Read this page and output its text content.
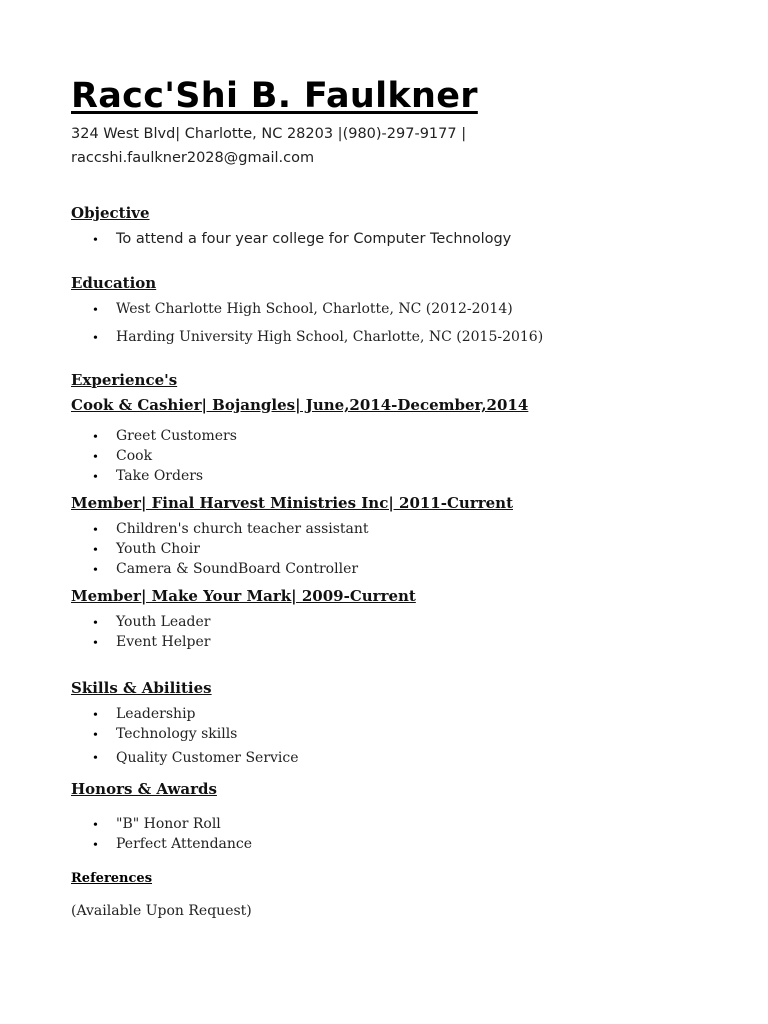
Racc'Shi B. Faulkner
324 West Blvd| Charlotte, NC 28203 |(980)-297-9177 |
raccshi.faulkner2028@gmail.com
Objective
• To attend a four year college for Computer Technology
Education
• West Charlotte High School, Charlotte, NC (2012-2014)
• Harding University High School, Charlotte, NC (2015-2016)
Experience's
Cook & Cashier| Bojangles| June,2014-December,2014
• Greet Customers
• Cook
• Take Orders
Member| Final Harvest Ministries Inc| 2011-Current
• Children's church teacher assistant
• Youth Choir
• Camera & SoundBoard Controller
Member| Make Your Mark| 2009-Current
• Youth Leader
• Event Helper
Skills & Abilities
• Leadership
• Technology skills
• Quality Customer Service
Honors & Awards
• "B" Honor Roll
• Perfect Attendance
References
(Available Upon Request)
